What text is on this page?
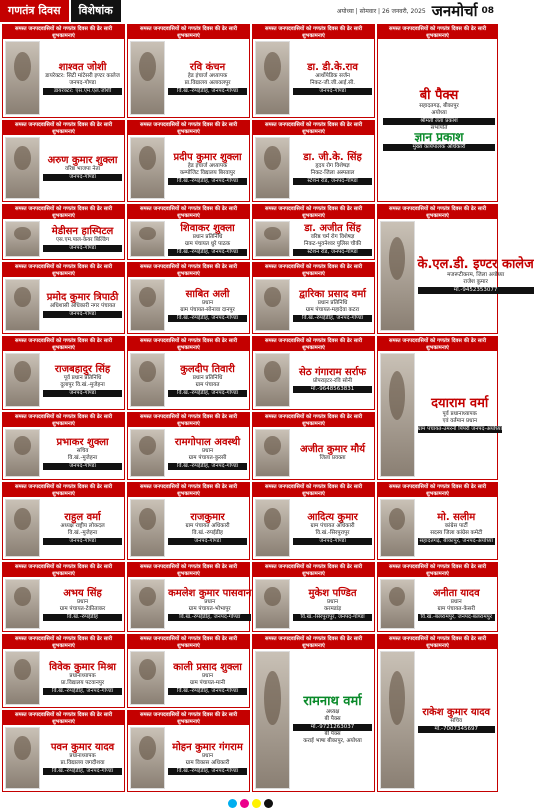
गणतंत्र दिवस	विशेषांक	अयोध्या | सोमवार | 26 जनवरी, 2025 जनमोर्चा 08
समस्त जनपदवासियों को गणतंत्र दिवस की ढेर सारी शुभकामनाएं
शाश्वत जोशी
डायरेक्टर: सिटी मांटेसरी इण्टर कालेज
जनपद-गोण्डा
डायरेक्टर: एस.एम.एल.जोशी
समस्त जनपदवासियों को गणतंत्र दिवस की ढेर सारी शुभकामनाएं
रवि कंचन
हेड इंचार्ज अध्यापक
प्रा.विद्यालय अलावलपुर
वि.खं.-रुपईडीह, जनपद-गोण्डा
समस्त जनपदवासियों को गणतंत्र दिवस की ढेर सारी शुभकामनाएं
डा. डी.के.राव
आर्थोपेडिक सर्जन
निकट-जी.जी.आई.सी.
जनपद-गोण्डा
समस्त जनपदवासियों को गणतंत्र दिवस की ढेर सारी शुभकामनाएं
बी पैक्स
सहादतगढ़, बीकापुर
अयोध्या
श्रीमती लता प्रकाश
सभापति
ज्ञान प्रकाश
मुख्य कार्यपालक अधिकारी
समस्त जनपदवासियों को गणतंत्र दिवस की ढेर सारी शुभकामनाएं
अरुण कुमार शुक्ला
वरिष्ठ भाजपा नेता
जनपद-गोण्डा
समस्त जनपदवासियों को गणतंत्र दिवस की ढेर सारी शुभकामनाएं
प्रदीप कुमार शुक्ला
हेड इंचार्ज अध्यापक
कम्पोजिट विद्यालय बिरवापुर
वि.खं.-रुपईडीह, जनपद-गोण्डा
समस्त जनपदवासियों को गणतंत्र दिवस की ढेर सारी शुभकामनाएं
डा. जी.के. सिंह
हृदय रोग विशेषज्ञ
निकट-जिला अस्पताल
स्टेशन रोड, जनपद-गोण्डा
समस्त जनपदवासियों को गणतंत्र दिवस की ढेर सारी शुभकामनाएं
मेडीसन हास्पिटल
एस.एम.पाल-केयर बिल्डिंग
जनपद-गोण्डा
समस्त जनपदवासियों को गणतंत्र दिवस की ढेर सारी शुभकामनाएं
शिवाकर शुक्ला
प्रधान प्रतिनिधि
ग्राम पंचायत धुरे पाठक
वि.खं.-रुपईडीह, जनपद-गोण्डा
समस्त जनपदवासियों को गणतंत्र दिवस की ढेर सारी शुभकामनाएं
डा. अजीत सिंह
वरिष्ठ चर्म रोग विशेषज्ञ
निकट-भुवनेश्वर पुलिस चौकी
स्टेशन रोड, जनपद-गोण्डा
समस्त जनपदवासियों को गणतंत्र दिवस की ढेर सारी शुभकामनाएं
के.एल.डी. इण्टर कालेज
मजरूटीकरम, जिला अयोध्या
राजेश कुमार
मो.-9452353077
समस्त जनपदवासियों को गणतंत्र दिवस की ढेर सारी शुभकामनाएं
प्रमोद कुमार त्रिपाठी
अधिशासी अधिकारी नगर पंचायत
जनपद-गोण्डा
समस्त जनपदवासियों को गणतंत्र दिवस की ढेर सारी शुभकामनाएं
साबित अली
प्रधान
ग्राम पंचायत-सोनावा दानपुर
वि.खं.-रुपईडीह, जनपद-गोण्डा
समस्त जनपदवासियों को गणतंत्र दिवस की ढेर सारी शुभकामनाएं
द्वारिका प्रसाद वर्मा
प्रधान प्रतिनिधि
ग्राम पंचायत-महादेवा कटरा
वि.खं.-रुपईडीह, जनपद-गोण्डा
समस्त जनपदवासियों को गणतंत्र दिवस की ढेर सारी शुभकामनाएं
राजबहादुर सिंह
पूर्व प्रधान प्रतिनिधि
दुलापुर वि.खं.-मुजेहना
जनपद-गोण्डा
समस्त जनपदवासियों को गणतंत्र दिवस की ढेर सारी शुभकामनाएं
कुलदीप तिवारी
प्रधान प्रतिनिधि
ग्राम पंचायत
वि.खं.-रुपईडीह, जनपद-गोण्डा
समस्त जनपदवासियों को गणतंत्र दिवस की ढेर सारी शुभकामनाएं
सेठ गंगाराम सर्राफ
प्रोपराइटर-रवि सोनी
मो.-9648563831
समस्त जनपदवासियों को गणतंत्र दिवस की ढेर सारी शुभकामनाएं
दयाराम वर्मा
पूर्व प्रधानाध्यापक
एवं वर्तमान प्रधान
ग्राम पंचायत-उमरनी पिपरी जनपद-अयोध्या
समस्त जनपदवासियों को गणतंत्र दिवस की ढेर सारी शुभकामनाएं
प्रभाकर शुक्ला
सचिव
वि.खं.-मुजेहना
जनपद-गोण्डा
समस्त जनपदवासियों को गणतंत्र दिवस की ढेर सारी शुभकामनाएं
रामगोपाल अवस्थी
प्रधान
ग्राम पंचायत-कुरसी
वि.खं.-रुपईडीह, जनपद-गोण्डा
समस्त जनपदवासियों को गणतंत्र दिवस की ढेर सारी शुभकामनाएं
अजीत कुमार मौर्य
जिला प्रवक्ता
समस्त जनपदवासियों को गणतंत्र दिवस की ढेर सारी शुभकामनाएं
राहुल वर्मा
अध्यक्ष राष्ट्रीय लोकदल
वि.खं.-मुजेहना
जनपद-गोण्डा
समस्त जनपदवासियों को गणतंत्र दिवस की ढेर सारी शुभकामनाएं
राजकुमार
ग्राम पंचायत अधिकारी
वि.खं.-रुपईडीह
जनपद-गोण्डा
समस्त जनपदवासियों को गणतंत्र दिवस की ढेर सारी शुभकामनाएं
आदित्य कुमार
ग्राम पंचायत अधिकारी
वि.खं.-सिरपुरापुर
जनपद-गोण्डा
समस्त जनपदवासियों को गणतंत्र दिवस की ढेर सारी शुभकामनाएं
मो. सलीम
कांग्रेस पार्टी
सदस्य जिला कांग्रेस कमेटी
सहादतगढ़, बीकापुर, जनपद-अयोध्या
समस्त जनपदवासियों को गणतंत्र दिवस की ढेर सारी शुभकामनाएं
अभय सिंह
प्रधान
ग्राम पंचायत-टेकीताकर
वि.खं.-रुपईडीह
समस्त जनपदवासियों को गणतंत्र दिवस की ढेर सारी शुभकामनाएं
कमलेश कुमार पासवान
प्रधान
ग्राम पंचायत-भोभापुर
वि.खं.-रुपईडीह, जनपद-गोण्डा
समस्त जनपदवासियों को गणतंत्र दिवस की ढेर सारी शुभकामनाएं
मुकेश पण्डित
प्रधान
करमडांड़
वि.खं.-सिरपुरापुर, जनपद-गोण्डा
समस्त जनपदवासियों को गणतंत्र दिवस की ढेर सारी शुभकामनाएं
अनीता यादव
प्रधान
ग्राम पंचायत-केसरी
वि.खं.-बलरामपुर, जनपद-बलरामपुर
समस्त जनपदवासियों को गणतंत्र दिवस की ढेर सारी शुभकामनाएं
विवेक कुमार मिश्रा
प्रधानाध्यापक
प्रा.विद्यालय पटवानपुर
वि.खं.-रुपईडीह, जनपद-गोण्डा
समस्त जनपदवासियों को गणतंत्र दिवस की ढेर सारी शुभकामनाएं
काली प्रसाद शुक्ला
प्रधान
ग्राम पंचायत-मानी
वि.खं.-रुपईडीह, जनपद-गोण्डा
समस्त जनपदवासियों को गणतंत्र दिवस की ढेर सारी शुभकामनाएं
रामनाथ वर्मा
अध्यक्ष
बी पैक्स
मो.-9721263037
बी पैक्स
कराई भाषा बीकापुर, अयोध्या
समस्त जनपदवासियों को गणतंत्र दिवस की ढेर सारी शुभकामनाएं
राकेश कुमार यादव
सचिव
मो.-7007345697
समस्त जनपदवासियों को गणतंत्र दिवस की ढेर सारी शुभकामनाएं
पवन कुमार यादव
प्रधानाध्यापक
प्रा.विद्यालय जगदीशवा
वि.खं.-रुपईडीह, जनपद-गोण्डा
समस्त जनपदवासियों को गणतंत्र दिवस की ढेर सारी शुभकामनाएं
मोहन कुमार गंगराम
प्रधान
ग्राम विकास अधिकारी
वि.खं.-रुपईडीह, जनपद-गोण्डा
